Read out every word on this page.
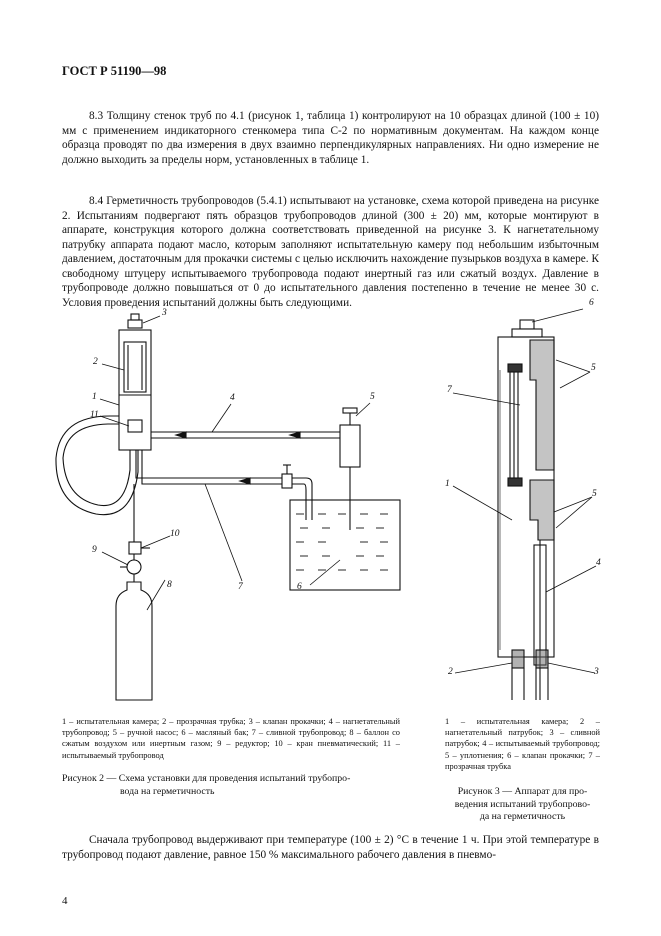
ГОСТ Р 51190—98

8.3 Толщину стенок труб по 4.1 (рисунок 1, таблица 1) контролируют на 10 образцах длиной (100 ± 10) мм с применением индикаторного стенкомера типа С-2 по нормативным документам. На каждом конце образца проводят по два измерения в двух взаимно перпендикулярных направлениях. Ни одно измерение не должно выходить за пределы норм, установленных в таблице 1.

8.4 Герметичность трубопроводов (5.4.1) испытывают на установке, схема которой приведена на рисунке 2. Испытаниям подвергают пять образцов трубопроводов длиной (300 ± 20) мм, которые монтируют в аппарате, конструкция которого должна соответствовать приведенной на рисунке 3. К нагнетательному патрубку аппарата подают масло, которым заполняют испытательную камеру под небольшим избыточным давлением, достаточным для прокачки системы с целью исключить нахождение пузырьков воздуха в камере. К свободному штуцеру испытываемого трубопровода подают инертный газ или сжатый воздух. Давление в трубопроводе должно повышаться от 0 до испытательного давления постепенно в течение не менее 30 с. Условия проведения испытаний должны быть следующими.

3
2
1
11
4	5
10
9
7
8	6
6
7
5
1
5
4
2	3

1 – испытательная камера; 2 – прозрачная трубка; 3 – клапан прокачки; 4 – нагнетательный трубопровод; 5 – ручной насос; 6 – масляный бак; 7 – сливной трубопровод; 8 – баллон со сжатым воздухом или инертным газом; 9 – редуктор; 10 – кран пневматический; 11 – испытываемый трубопровод

Рисунок 2 — Схема установки для проведения испытаний трубопро-
вода на герметичность

1 – испытательная камера; 2 – нагнетательный патрубок; 3 – сливной патрубок; 4 – испытываемый трубопровод; 5 – уплотнения; 6 – клапан прокачки; 7 – прозрачная трубка

Рисунок 3 — Аппарат для про-
ведения испытаний трубопрово-
да на герметичность

Сначала трубопровод выдерживают при температуре (100 ± 2) °С в течение 1 ч. При этой температуре в трубопровод подают давление, равное 150 % максимального рабочего давления в пневмо-

4
